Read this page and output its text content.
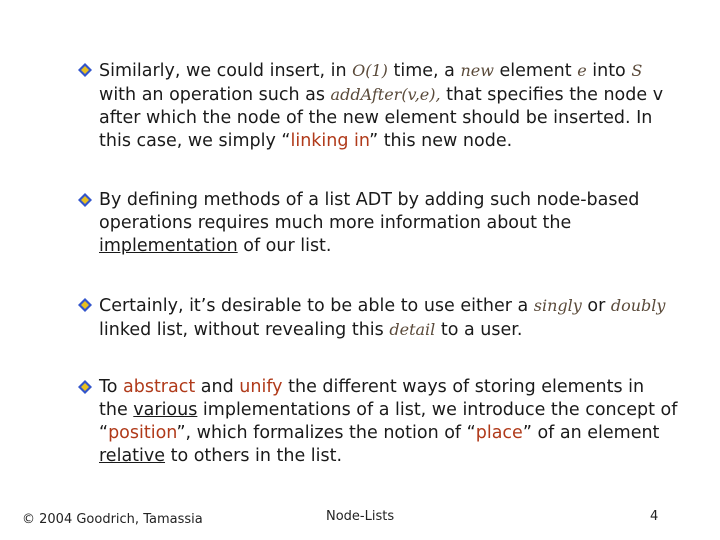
Similarly, we could insert, in O(1) time, a new element e into S with an operation such as addAfter(v,e), that specifies the node v after which the node of the new element should be inserted. In this case, we simply “linking in” this new node.
By defining methods of a list ADT by adding such node-based operations requires much more information about the implementation of our list.
Certainly, it’s desirable to be able to use either a singly or doubly linked list, without revealing this detail to a user.
To abstract and unify the different ways of storing elements in the various implementations of a list, we introduce the concept of “position”, which formalizes the notion of “place” of an element relative to others in the list.
© 2004 Goodrich, Tamassia	Node-Lists	4
